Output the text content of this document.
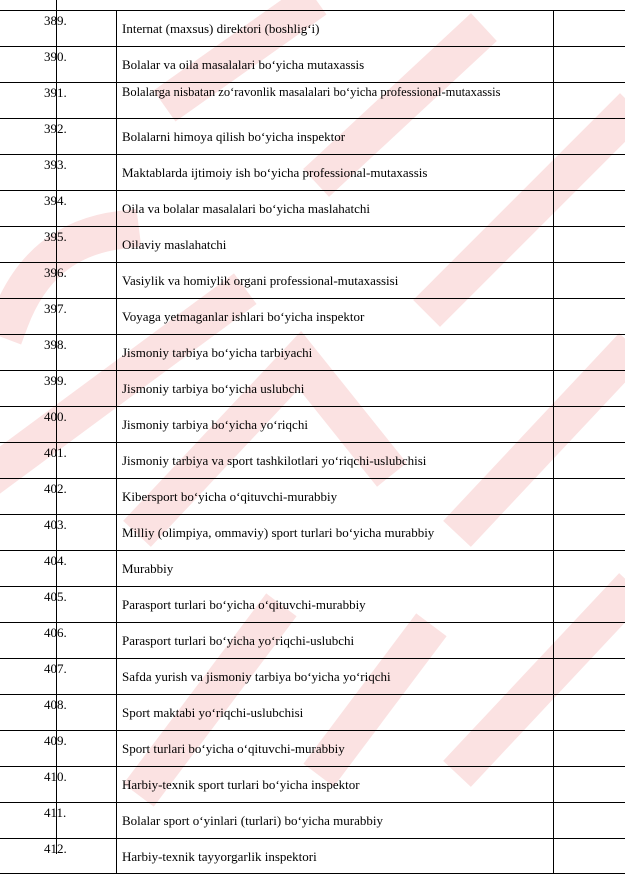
389.
Internat (maxsus) direktori (boshligʻi)
390.
Bolalar va oila masalalari boʻyicha mutaxassis
391.	Bolalarga nisbatan zoʻravonlik masalalari boʻyicha professional-mutaxassis
392.
Bolalarni himoya qilish boʻyicha inspektor
393.
Maktablarda ijtimoiy ish boʻyicha professional-mutaxassis
394.
Oila va bolalar masalalari boʻyicha maslahatchi
395.
Oilaviy maslahatchi
396.
Vasiylik va homiylik organi professional-mutaxassisi
397.
Voyaga yetmaganlar ishlari boʻyicha inspektor
398.
Jismoniy tarbiya boʻyicha tarbiyachi
399.
Jismoniy tarbiya boʻyicha uslubchi
400.
Jismoniy tarbiya boʻyicha yoʻriqchi
401.
Jismoniy tarbiya va sport tashkilotlari yoʻriqchi-uslubchisi
402.
Kibersport boʻyicha oʻqituvchi-murabbiy
403.
Milliy (olimpiya, ommaviy) sport turlari boʻyicha murabbiy
404.
Murabbiy
405.
Parasport turlari boʻyicha oʻqituvchi-murabbiy
406.
Parasport turlari boʻyicha yoʻriqchi-uslubchi
407.
Safda yurish va jismoniy tarbiya boʻyicha yoʻriqchi
408.
Sport maktabi yoʻriqchi-uslubchisi
409.
Sport turlari boʻyicha oʻqituvchi-murabbiy
410.
Harbiy-texnik sport turlari boʻyicha inspektor
411.
Bolalar sport oʻyinlari (turlari) boʻyicha murabbiy
412.
Harbiy-texnik tayyorgarlik inspektori
